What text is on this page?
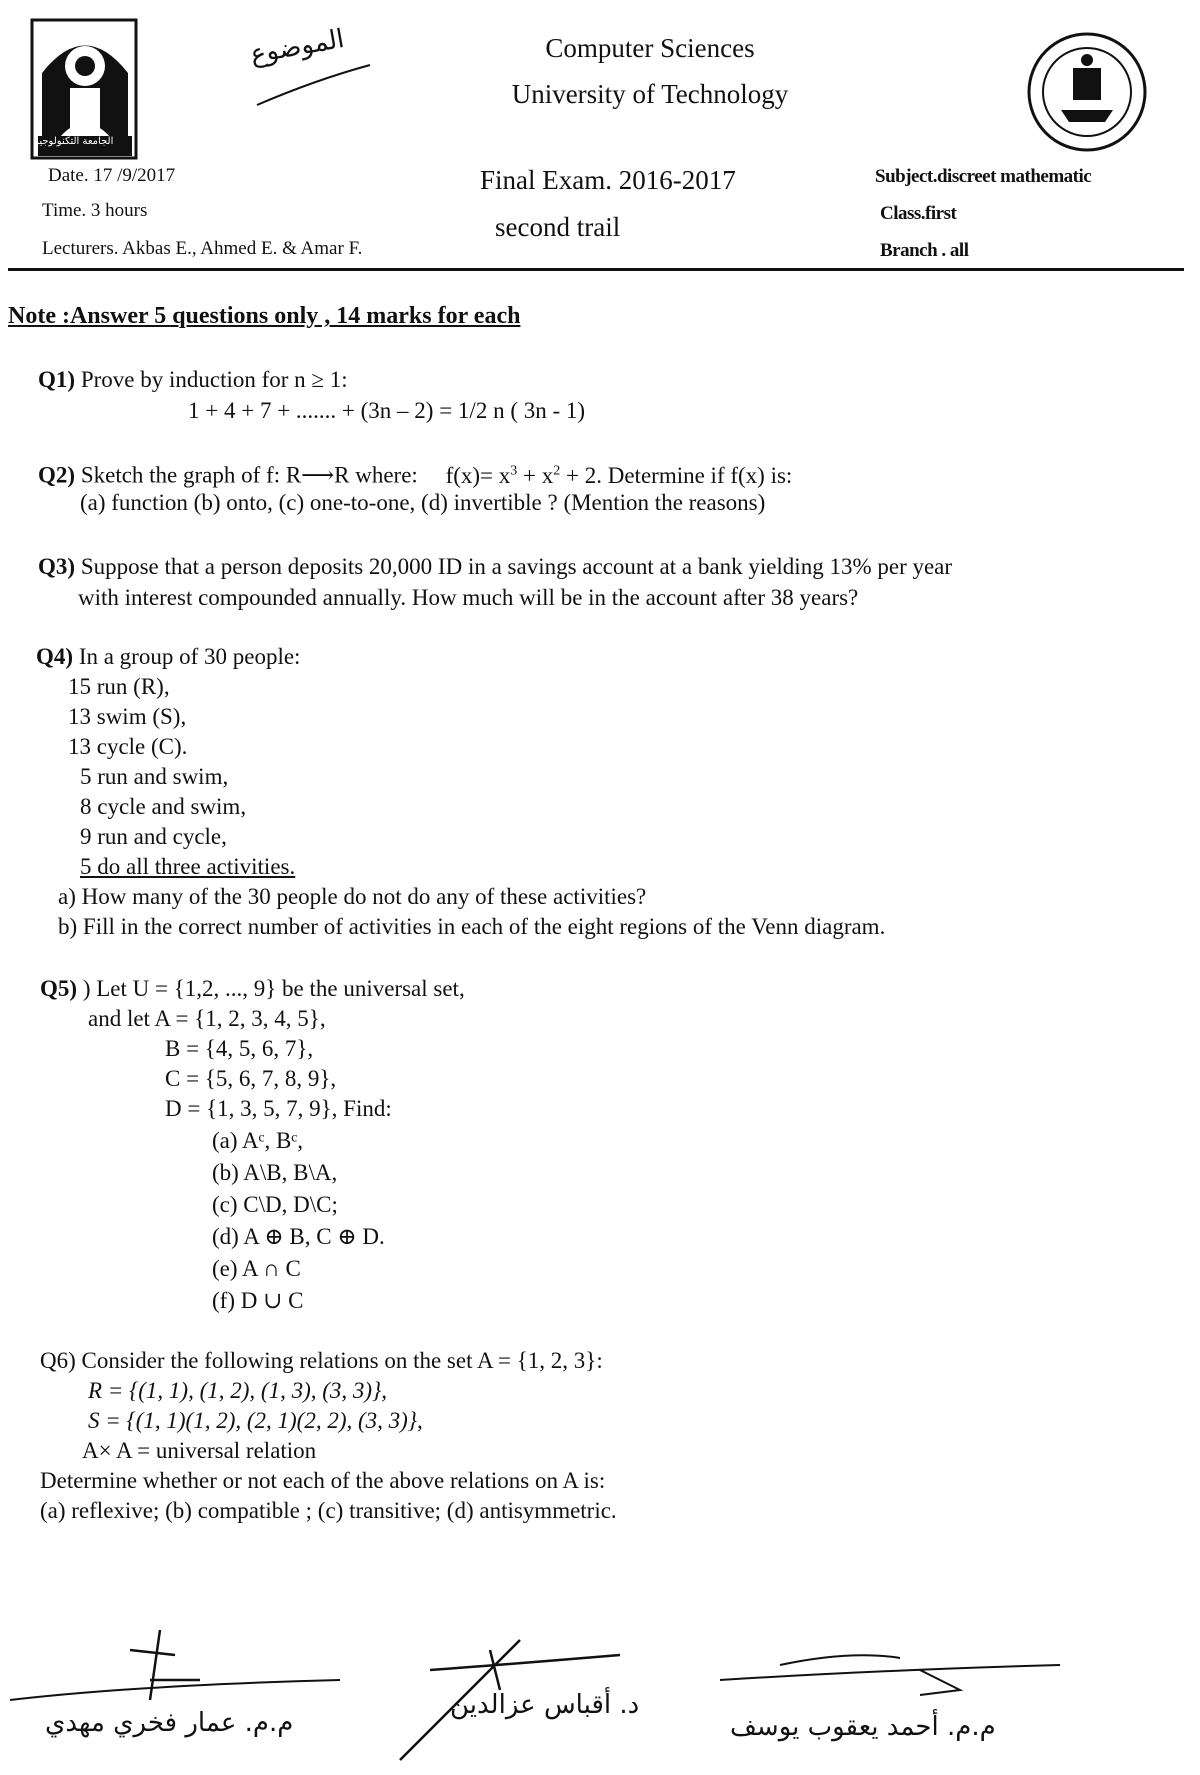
الجامعة التكنولوجية
الموضوع	Computer Sciences
University of Technology
Date. 17 /9/2017
Time. 3 hours
Lecturers. Akbas E., Ahmed E. & Amar F.
Final Exam. 2016-2017
second trail
Subject.discreet mathematic
Class.first
Branch . all
Note :Answer 5 questions only , 14 marks for each
Q1) Prove by induction for n ≥ 1:
1 + 4 + 7 + ....... + (3n – 2) = 1/2 n ( 3n - 1)
Q2) Sketch the graph of f: R⟶R where: $f(x)= x^3 + x^2 + 2$. Determine if f(x) is:
(a) function (b) onto, (c) one-to-one, (d) invertible ? (Mention the reasons)
Q3) Suppose that a person deposits 20,000 ID in a savings account at a bank yielding 13% per year
with interest compounded annually. How much will be in the account after 38 years?
Q4) In a group of 30 people:
15 run (R),
13 swim (S),
13 cycle (C).
5 run and swim,
8 cycle and swim,
9 run and cycle,
5 do all three activities.
a) How many of the 30 people do not do any of these activities?
b) Fill in the correct number of activities in each of the eight regions of the Venn diagram.
Q5) ) Let U = {1,2, ..., 9} be the universal set,
and let A = {1, 2, 3, 4, 5},
B = {4, 5, 6, 7},
C = {5, 6, 7, 8, 9},
D = {1, 3, 5, 7, 9}, Find:
(a) Aᶜ, Bᶜ,
(b) A\B, B\A,
(c) C\D, D\C;
(d) A ⊕ B, C ⊕ D.
(e) A ∩ C
(f) D ∪ C
Q6) Consider the following relations on the set A = {1, 2, 3}:
R = {(1, 1), (1, 2), (1, 3), (3, 3)},
S = {(1, 1)(1, 2), (2, 1)(2, 2), (3, 3)},
A× A = universal relation
Determine whether or not each of the above relations on A is:
(a) reflexive; (b) compatible ; (c) transitive; (d) antisymmetric.
م.م. عمار فخري مهدي
د. أقباس عزالدين
م.م. أحمد يعقوب يوسف
